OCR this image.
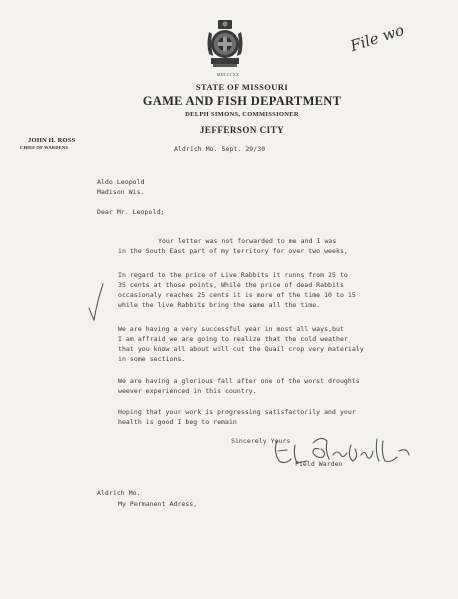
MDCCCXX
File wo
STATE OF MISSOURI
GAME AND FISH DEPARTMENT
DELPH SIMONS, COMMISSIONER
JEFFERSON CITY
JOHN H. ROSS
CHIEF OF WARDENS	Aldrich Mo. Sept. 29/30
Aldo Leopold
Madison Wis.
Dear Mr. Leopold;
Your letter was not forwarded to me and I was
in the South East part of my territory for over two weeks,
In regard to the price of Live Rabbits it runns from 25 to
35 cents at those points, While the price of dead Rabbits
occasionaly reaches 25 cents it is more of the time 10 to 15
while the live Rabbits bring the same all the time.
We are having a very successful year in most all ways,but
I am affraid we are going to realize that the cold weather
that you know all about will cut the Quail crop very materialy
in some sections.
We are having a glorious fall after one of the worst droughts
weever experienced in this country.
Hoping that your work is progressing satisfactorily and your
health is good I beg to remain
Sincerely Yours
Field Warden
Aldrich Mo.
My Permanent Adress,
